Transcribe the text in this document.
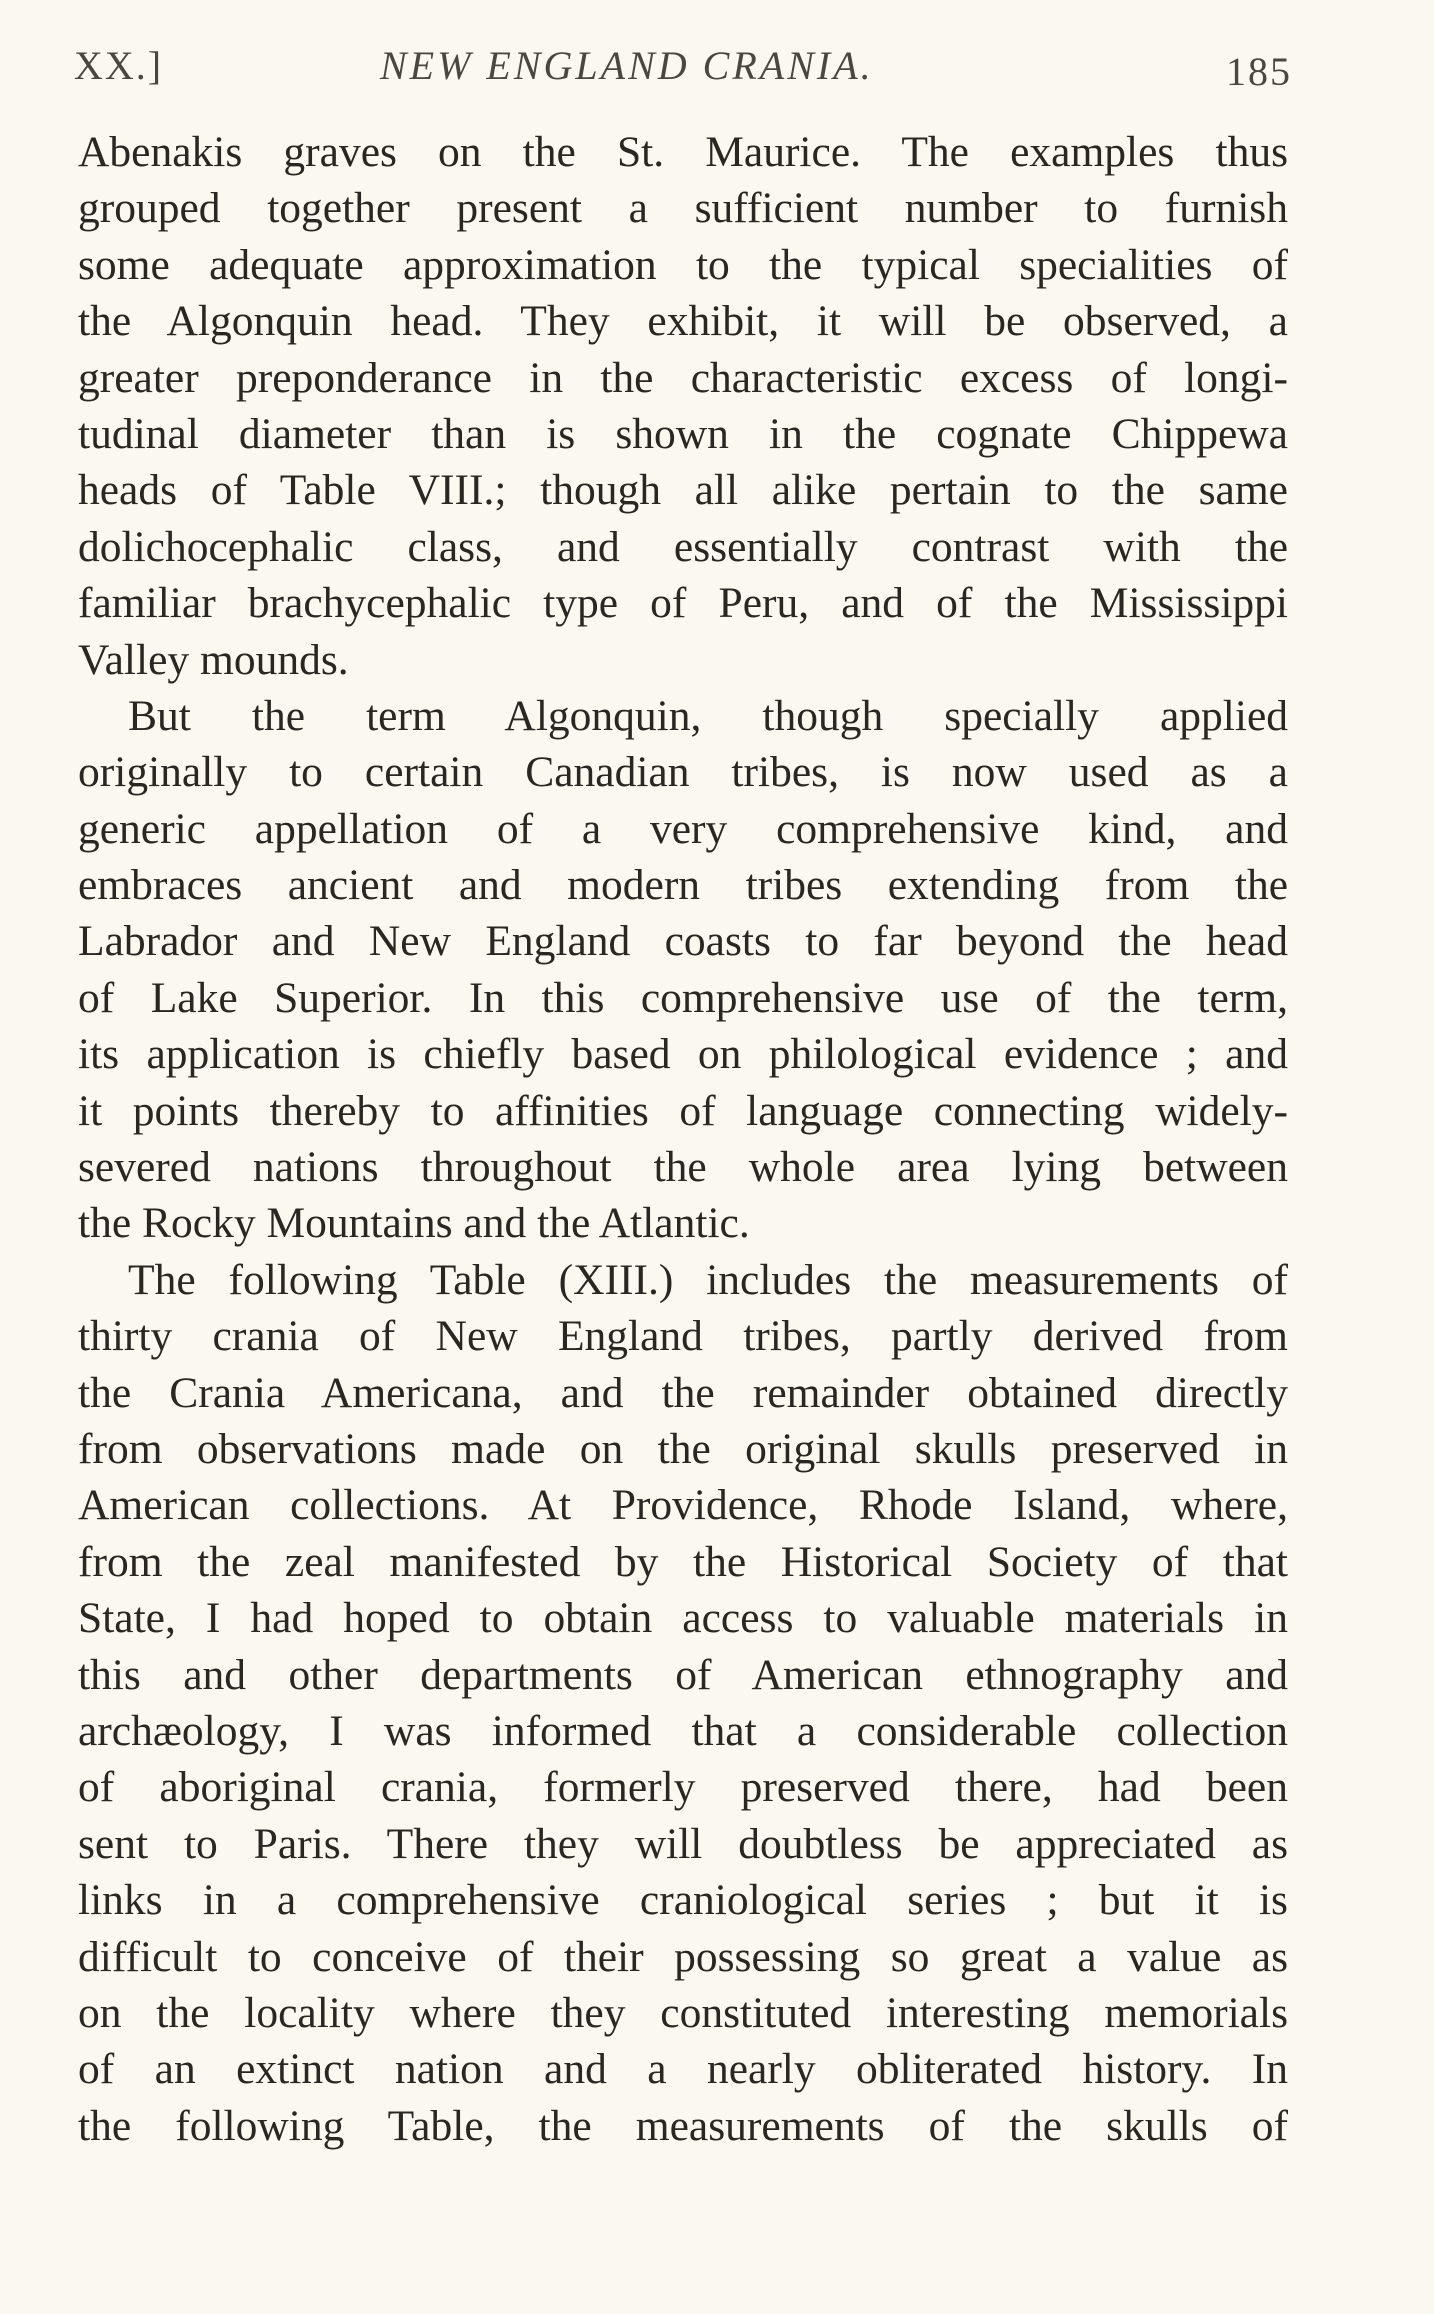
XX.]	NEW ENGLAND CRANIA.	185
Abenakis graves on the St. Maurice. The examples thus
grouped together present a sufficient number to furnish
some adequate approximation to the typical specialities of
the Algonquin head. They exhibit, it will be observed, a
greater preponderance in the characteristic excess of longi-
tudinal diameter than is shown in the cognate Chippewa
heads of Table VIII.; though all alike pertain to the same
dolichocephalic class, and essentially contrast with the
familiar brachycephalic type of Peru, and of the Mississippi
Valley mounds.
But the term Algonquin, though specially applied
originally to certain Canadian tribes, is now used as a
generic appellation of a very comprehensive kind, and
embraces ancient and modern tribes extending from the
Labrador and New England coasts to far beyond the head
of Lake Superior. In this comprehensive use of the term,
its application is chiefly based on philological evidence ; and
it points thereby to affinities of language connecting widely-
severed nations throughout the whole area lying between
the Rocky Mountains and the Atlantic.
The following Table (XIII.) includes the measurements of
thirty crania of New England tribes, partly derived from
the Crania Americana, and the remainder obtained directly
from observations made on the original skulls preserved in
American collections. At Providence, Rhode Island, where,
from the zeal manifested by the Historical Society of that
State, I had hoped to obtain access to valuable materials in
this and other departments of American ethnography and
archæology, I was informed that a considerable collection
of aboriginal crania, formerly preserved there, had been
sent to Paris. There they will doubtless be appreciated as
links in a comprehensive craniological series ; but it is
difficult to conceive of their possessing so great a value as
on the locality where they constituted interesting memorials
of an extinct nation and a nearly obliterated history. In
the following Table, the measurements of the skulls of
